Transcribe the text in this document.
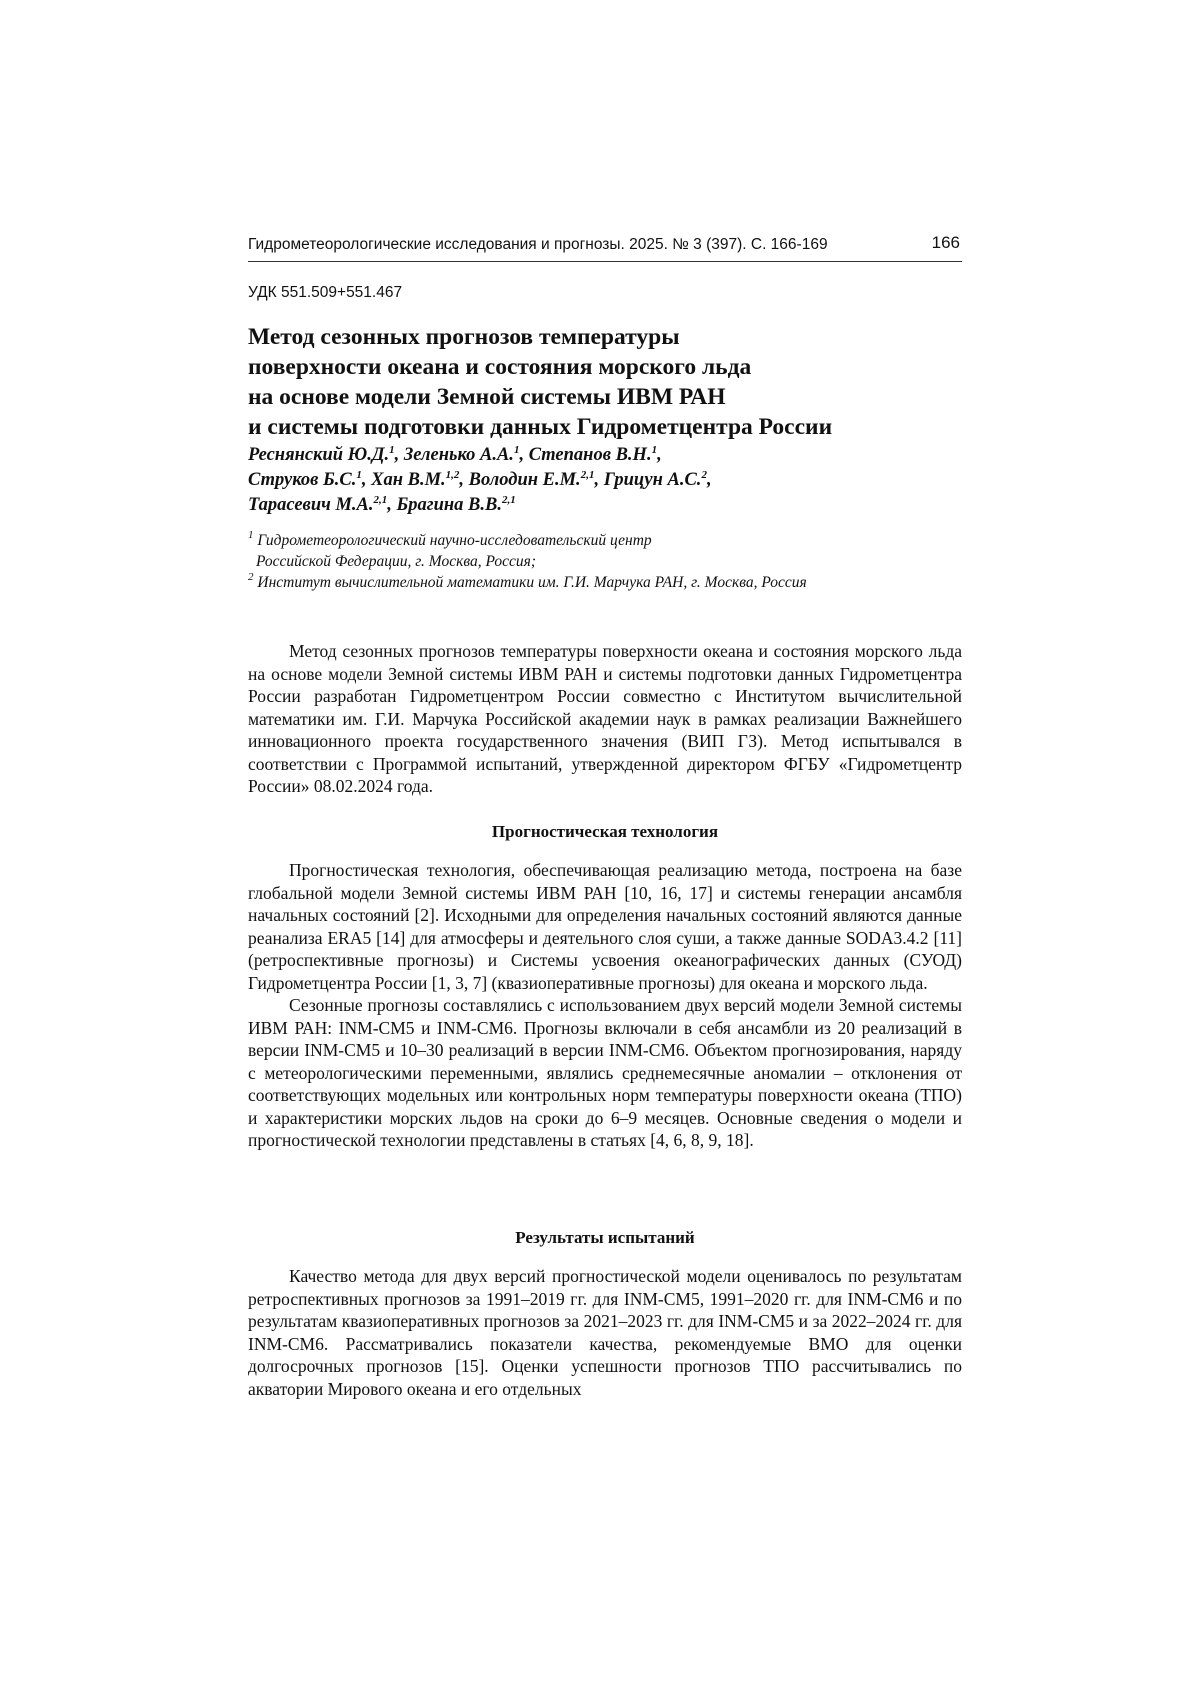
Гидрометеорологические исследования и прогнозы. 2025. № 3 (397). С. 166-169	166
УДК 551.509+551.467
Метод сезонных прогнозов температуры
поверхности океана и состояния морского льда
на основе модели Земной системы ИВМ РАН
и системы подготовки данных Гидрометцентра России
Реснянский Ю.Д.$^1$, Зеленько А.А.$^1$, Степанов В.Н.$^1$,
Струков Б.С.$^1$, Хан В.М.$^{1,2}$, Володин Е.М.$^{2,1}$, Грицун А.С.$^2$,
Тарасевич М.А.$^{2,1}$, Брагина В.В.$^{2,1}$
$^1$ Гидрометеорологический научно-исследовательский центр
Российской Федерации, г. Москва, Россия;
$^2$ Институт вычислительной математики им. Г.И. Марчука РАН, г. Москва, Россия

Метод сезонных прогнозов температуры поверхности океана и состояния морского льда на основе модели Земной системы ИВМ РАН и системы подготовки данных Гидрометцентра России разработан Гидрометцентром России совместно с Институтом вычислительной математики им. Г.И. Марчука Российской академии наук в рамках реализации Важнейшего инновационного проекта государственного значения (ВИП ГЗ). Метод испытывался в соответствии с Программой испытаний, утвержденной директором ФГБУ «Гидрометцентр России» 08.02.2024 года.

Прогностическая технология

Прогностическая технология, обеспечивающая реализацию метода, построена на базе глобальной модели Земной системы ИВМ РАН [10, 16, 17] и системы генерации ансамбля начальных состояний [2]. Исходными для определения начальных состояний являются данные реанализа ERA5 [14] для атмосферы и деятельного слоя суши, а также данные SODA3.4.2 [11] (ретроспективные прогнозы) и Системы усвоения океанографических данных (СУОД) Гидрометцентра России [1, 3, 7] (квазиоперативные прогнозы) для океана и морского льда.

Сезонные прогнозы составлялись с использованием двух версий модели Земной системы ИВМ РАН: INM-CM5 и INM-CM6. Прогнозы включали в себя ансамбли из 20 реализаций в версии INM-CM5 и 10–30 реализаций в версии INM-CM6. Объектом прогнозирования, наряду с метеорологическими переменными, являлись среднемесячные аномалии – отклонения от соответствующих модельных или контрольных норм температуры поверхности океана (ТПО) и характеристики морских льдов на сроки до 6–9 месяцев. Основные сведения о модели и прогностической технологии представлены в статьях [4, 6, 8, 9, 18].

Результаты испытаний

Качество метода для двух версий прогностической модели оценивалось по результатам ретроспективных прогнозов за 1991–2019 гг. для INM-CM5, 1991–2020 гг. для INM-CM6 и по результатам квазиоперативных прогнозов за 2021–2023 гг. для INM-CM5 и за 2022–2024 гг. для INM-CM6. Рассматривались показатели качества, рекомендуемые ВМО для оценки долгосрочных прогнозов [15]. Оценки успешности прогнозов ТПО рассчитывались по акватории Мирового океана и его отдельных
